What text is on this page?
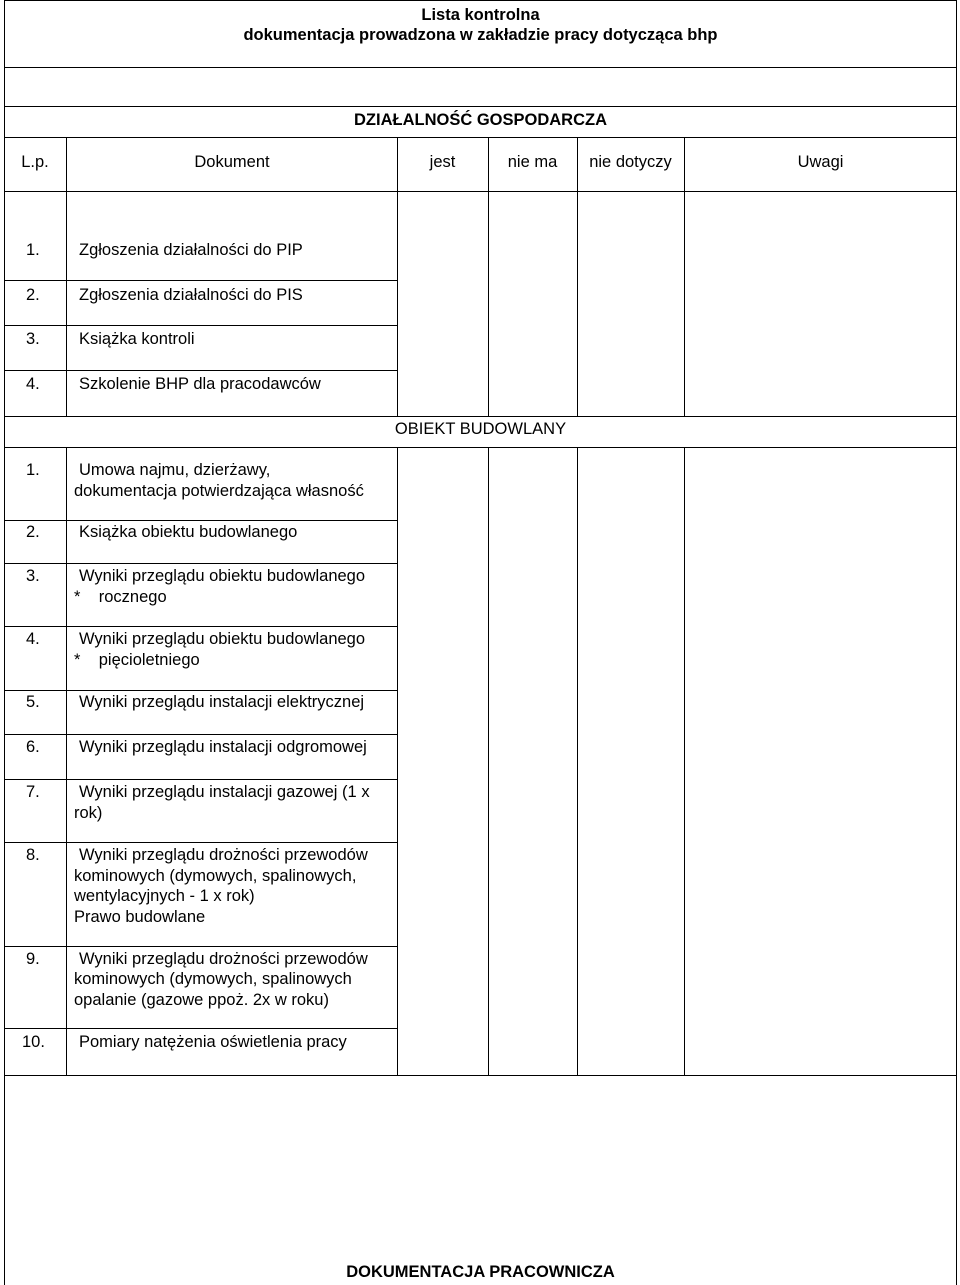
Lista kontrolna
dokumentacja prowadzona w zakładzie pracy dotycząca bhp
DZIAŁALNOŚĆ GOSPODARCZA
L.p.	Dokument	jest	nie ma	nie dotyczy	Uwagi
1. Zgłoszenia działalności do PIP
2. Zgłoszenia działalności do PIS
3. Książka kontroli
4. Szkolenie BHP dla pracodawców
OBIEKT BUDOWLANY
1. Umowa najmu, dzierżawy,
dokumentacja potwierdzająca własność
2. Książka obiektu budowlanego
3. Wyniki przeglądu obiektu budowlanego
*    rocznego
4. Wyniki przeglądu obiektu budowlanego
*    pięcioletniego
5. Wyniki przeglądu instalacji elektrycznej
6. Wyniki przeglądu instalacji odgromowej
7. Wyniki przeglądu instalacji gazowej (1 x
rok)
8. Wyniki przeglądu drożności przewodów
kominowych (dymowych, spalinowych,
wentylacyjnych - 1 x rok)
Prawo budowlane
9. Wyniki przeglądu drożności przewodów
kominowych (dymowych, spalinowych
opalanie (gazowe ppoż. 2x w roku)
10. Pomiary natężenia oświetlenia pracy
DOKUMENTACJA PRACOWNICZA
